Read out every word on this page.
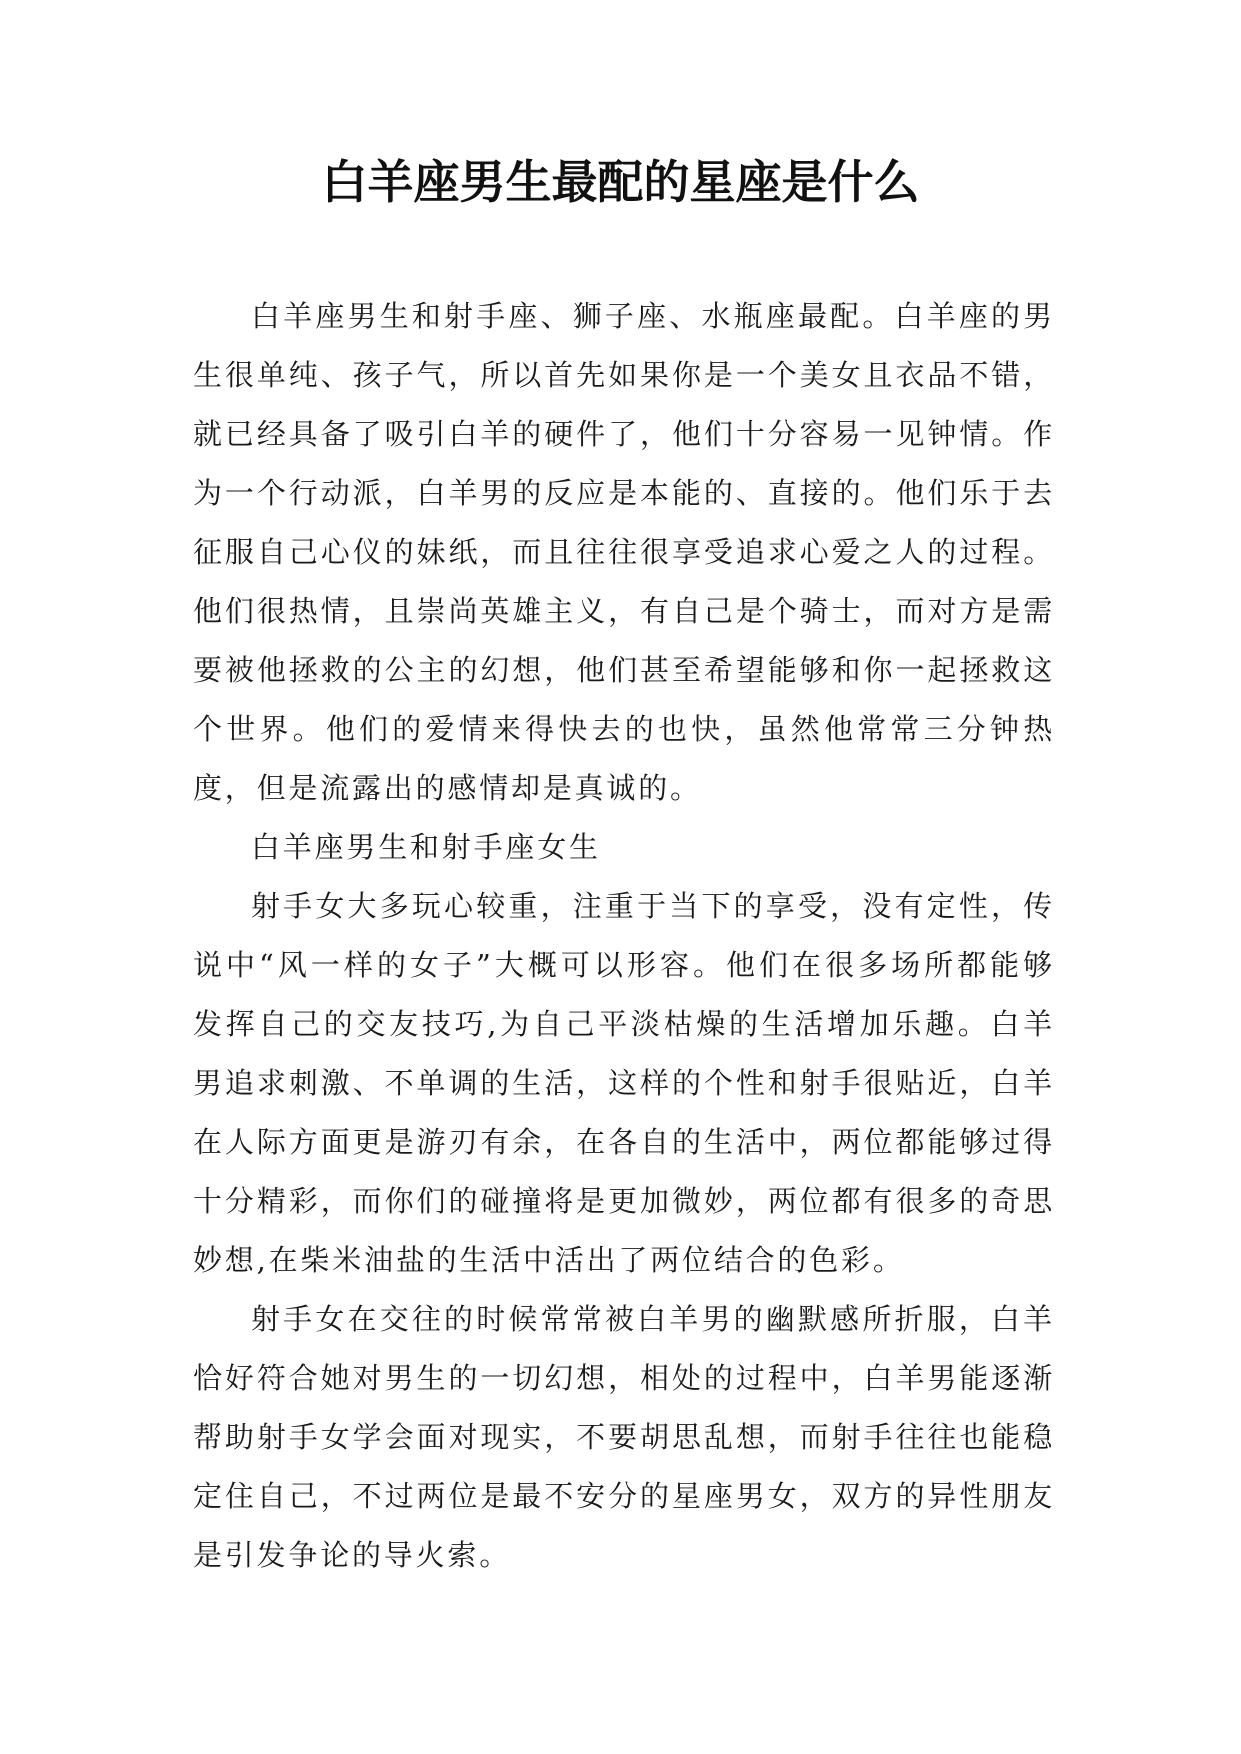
白羊座男生最配的星座是什么

白羊座男生和射手座、狮子座、水瓶座最配。白羊座的男生很单纯、孩子气，所以首先如果你是一个美女且衣品不错，就已经具备了吸引白羊的硬件了，他们十分容易一见钟情。作为一个行动派，白羊男的反应是本能的、直接的。他们乐于去征服自己心仪的妹纸，而且往往很享受追求心爱之人的过程。他们很热情，且崇尚英雄主义，有自己是个骑士，而对方是需要被他拯救的公主的幻想，他们甚至希望能够和你一起拯救这个世界。他们的爱情来得快去的也快，虽然他常常三分钟热度，但是流露出的感情却是真诚的。

白羊座男生和射手座女生

射手女大多玩心较重，注重于当下的享受，没有定性，传说中“风一样的女子”大概可以形容。他们在很多场所都能够发挥自己的交友技巧,为自己平淡枯燥的生活增加乐趣。白羊男追求刺激、不单调的生活，这样的个性和射手很贴近，白羊在人际方面更是游刃有余，在各自的生活中，两位都能够过得十分精彩，而你们的碰撞将是更加微妙，两位都有很多的奇思妙想,在柴米油盐的生活中活出了两位结合的色彩。

射手女在交往的时候常常被白羊男的幽默感所折服，白羊恰好符合她对男生的一切幻想，相处的过程中，白羊男能逐渐帮助射手女学会面对现实，不要胡思乱想，而射手往往也能稳定住自己，不过两位是最不安分的星座男女，双方的异性朋友是引发争论的导火索。
